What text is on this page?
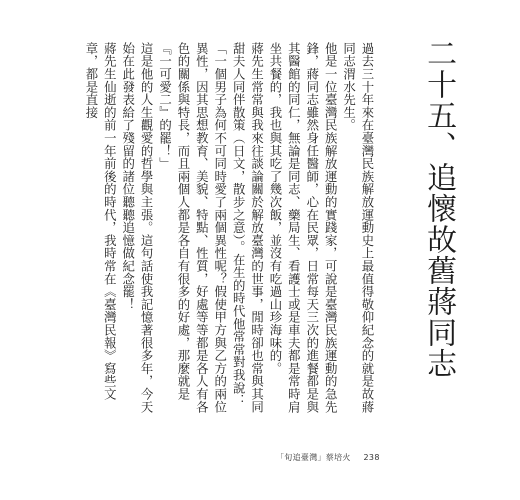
二十五、追懷故舊蔣同志

過去三十年來在臺灣民族解放運動史上最值得敬仰紀念的就是故蔣同志渭水先生。

他是一位臺灣民族解放運動的實踐家，可說是臺灣民族運動的急先鋒，蔣同志雖然身任醫師，心在民眾，日常每天三次的進餐都是與其醫館的同仁，無論是同志、藥局生、看護士或是車夫都是常時肩坐共餐的，我也與其吃了幾次飯，並沒有吃過山珍海味的。

蔣先生常常與我來往談論關於解放臺灣的世事，閒時卻也常與其同甜夫人同伴散策（日文，散步之意）。在生的時代他常常對我說：

「一個男子為何不可同時愛了兩個異性呢？假使甲方與乙方的兩位異性，因其思想教育、美貌、特點、性質，好處等等都是各人有各色的關係與特長，而且兩個人都是各自有很多的好處，那麼就是『一可愛二』的罷！」

這是他的人生觀愛的哲學與主張。這句話使我記憶著很多年，今天始在此發表給了殘留的諸位聽聽追憶做紀念罷！

蔣先生仙逝的前一年前後的時代，我時常在《臺灣民報》寫些文章，都是直接

「旬追臺灣」蔡培火 238
